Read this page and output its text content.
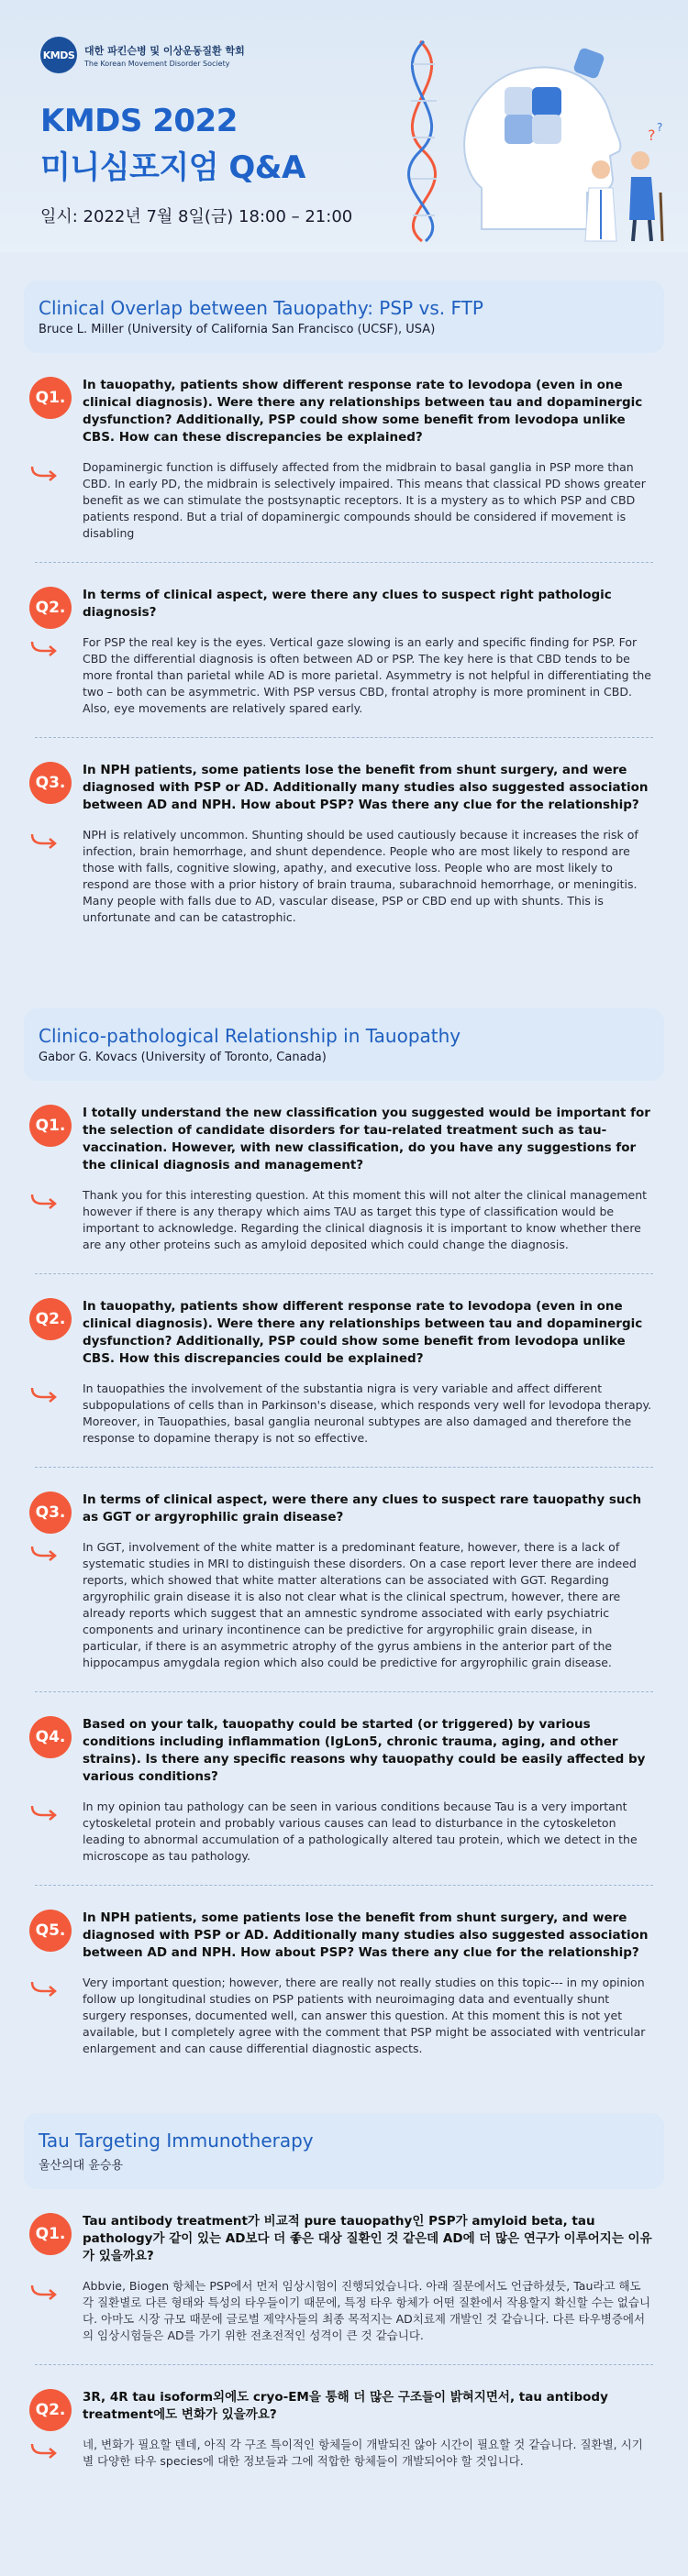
KMDS 대한 파킨슨병 및 이상운동질환 학회
The Korean Movement Disorder Society
KMDS 2022
미니심포지엄 Q&A
일시: 2022년 7월 8일(금) 18:00 – 21:00
? ?
Clinical Overlap between Tauopathy: PSP vs. FTP
Bruce L. Miller (University of California San Francisco (UCSF), USA)
Q1.
In tauopathy, patients show different response rate to levodopa (even in one clinical diagnosis). Were there any relationships between tau and dopaminergic dysfunction? Additionally, PSP could show some benefit from levodopa unlike CBS. How can these discrepancies be explained?
Dopaminergic function is diffusely affected from the midbrain to basal ganglia in PSP more than CBD. In early PD, the midbrain is selectively impaired. This means that classical PD shows greater benefit as we can stimulate the postsynaptic receptors. It is a mystery as to which PSP and CBD patients respond. But a trial of dopaminergic compounds should be considered if movement is disabling
Q2.
In terms of clinical aspect, were there any clues to suspect right pathologic diagnosis?
For PSP the real key is the eyes. Vertical gaze slowing is an early and specific finding for PSP. For CBD the differential diagnosis is often between AD or PSP. The key here is that CBD tends to be more frontal than parietal while AD is more parietal. Asymmetry is not helpful in differentiating the two – both can be asymmetric. With PSP versus CBD, frontal atrophy is more prominent in CBD. Also, eye movements are relatively spared early.
Q3.
In NPH patients, some patients lose the benefit from shunt surgery, and were diagnosed with PSP or AD. Additionally many studies also suggested association between AD and NPH. How about PSP? Was there any clue for the relationship?
NPH is relatively uncommon. Shunting should be used cautiously because it increases the risk of infection, brain hemorrhage, and shunt dependence. People who are most likely to respond are those with falls, cognitive slowing, apathy, and executive loss. People who are most likely to respond are those with a prior history of brain trauma, subarachnoid hemorrhage, or meningitis. Many people with falls due to AD, vascular disease, PSP or CBD end up with shunts. This is unfortunate and can be catastrophic.
Clinico-pathological Relationship in Tauopathy
Gabor G. Kovacs (University of Toronto, Canada)
Q1.
I totally understand the new classification you suggested would be important for the selection of candidate disorders for tau-related treatment such as tau-vaccination. However, with new classification, do you have any suggestions for the clinical diagnosis and management?
Thank you for this interesting question. At this moment this will not alter the clinical management however if there is any therapy which aims TAU as target this type of classification would be important to acknowledge. Regarding the clinical diagnosis it is important to know whether there are any other proteins such as amyloid deposited which could change the diagnosis.
Q2.
In tauopathy, patients show different response rate to levodopa (even in one clinical diagnosis). Were there any relationships between tau and dopaminergic dysfunction? Additionally, PSP could show some benefit from levodopa unlike CBS. How this discrepancies could be explained?
In tauopathies the involvement of the substantia nigra is very variable and affect different subpopulations of cells than in Parkinson's disease, which responds very well for levodopa therapy. Moreover, in Tauopathies, basal ganglia neuronal subtypes are also damaged and therefore the response to dopamine therapy is not so effective.
Q3.
In terms of clinical aspect, were there any clues to suspect rare tauopathy such as GGT or argyrophilic grain disease?
In GGT, involvement of the white matter is a predominant feature, however, there is a lack of systematic studies in MRI to distinguish these disorders. On a case report lever there are indeed reports, which showed that white matter alterations can be associated with GGT. Regarding argyrophilic grain disease it is also not clear what is the clinical spectrum, however, there are already reports which suggest that an amnestic syndrome associated with early psychiatric components and urinary incontinence can be predictive for argyrophilic grain disease, in particular, if there is an asymmetric atrophy of the gyrus ambiens in the anterior part of the hippocampus amygdala region which also could be predictive for argyrophilic grain disease.
Q4.
Based on your talk, tauopathy could be started (or triggered) by various conditions including inflammation (IgLon5, chronic trauma, aging, and other strains). Is there any specific reasons why tauopathy could be easily affected by various conditions?
In my opinion tau pathology can be seen in various conditions because Tau is a very important cytoskeletal protein and probably various causes can lead to disturbance in the cytoskeleton leading to abnormal accumulation of a pathologically altered tau protein, which we detect in the microscope as tau pathology.
Q5.
In NPH patients, some patients lose the benefit from shunt surgery, and were diagnosed with PSP or AD. Additionally many studies also suggested association between AD and NPH. How about PSP? Was there any clue for the relationship?
Very important question; however, there are really not really studies on this topic--- in my opinion follow up longitudinal studies on PSP patients with neuroimaging data and eventually shunt surgery responses, documented well, can answer this question. At this moment this is not yet available, but I completely agree with the comment that PSP might be associated with ventricular enlargement and can cause differential diagnostic aspects.
Tau Targeting Immunotherapy
울산의대 윤승용
Q1.
Tau antibody treatment가 비교적 pure tauopathy인 PSP가 amyloid beta, tau pathology가 같이 있는 AD보다 더 좋은 대상 질환인 것 같은데 AD에 더 많은 연구가 이루어지는 이유가 있을까요?
Abbvie, Biogen 항체는 PSP에서 먼저 임상시험이 진행되었습니다. 아래 질문에서도 언급하셨듯, Tau라고 해도 각 질환별로 다른 형태와 특성의 타우들이기 때문에, 특정 타우 항체가 어떤 질환에서 작용할지 확신할 수는 없습니다. 아마도 시장 규모 때문에 글로벌 제약사들의 최종 목적지는 AD치료제 개발인 것 같습니다. 다른 타우병증에서의 임상시험들은 AD를 가기 위한 전초전적인 성격이 큰 것 같습니다.
Q2.
3R, 4R tau isoform외에도 cryo-EM을 통해 더 많은 구조들이 밝혀지면서, tau antibody treatment에도 변화가 있을까요?
네, 변화가 필요할 텐데, 아직 각 구조 특이적인 항체들이 개발되진 않아 시간이 필요할 것 같습니다. 질환별, 시기별 다양한 타우 species에 대한 정보들과 그에 적합한 항체들이 개발되어야 할 것입니다.
